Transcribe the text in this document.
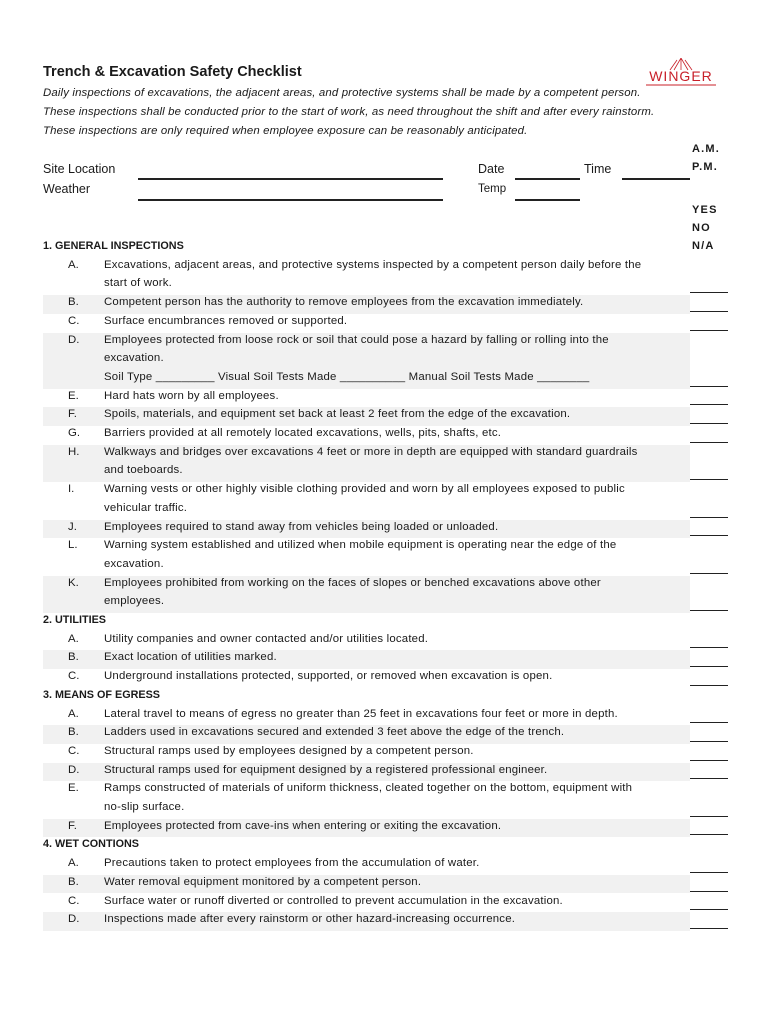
Trench & Excavation Safety Checklist
Daily inspections of excavations, the adjacent areas, and protective systems shall be made by a competent person.
These inspections shall be conducted prior to the start of work, as need throughout the shift and after every rainstorm.
These inspections are only required when employee exposure can be reasonably anticipated.
WINGER
Site Location
Weather
Date	Time
Temp
A.M.
P.M.
YES
NO
N/A
1. GENERAL INSPECTIONS
A. Excavations, adjacent areas, and protective systems inspected by a competent person daily before the
start of work.
B. Competent person has the authority to remove employees from the excavation immediately.
C. Surface encumbrances removed or supported.
D. Employees protected from loose rock or soil that could pose a hazard by falling or rolling into the
excavation.
Soil Type _________ Visual Soil Tests Made __________ Manual Soil Tests Made ________
E. Hard hats worn by all employees.
F. Spoils, materials, and equipment set back at least 2 feet from the edge of the excavation.
G. Barriers provided at all remotely located excavations, wells, pits, shafts, etc.
H. Walkways and bridges over excavations 4 feet or more in depth are equipped with standard guardrails
and toeboards.
I.	Warning vests or other highly visible clothing provided and worn by all employees exposed to public
vehicular traffic.
J. Employees required to stand away from vehicles being loaded or unloaded.
L. Warning system established and utilized when mobile equipment is operating near the edge of the
excavation.
K. Employees prohibited from working on the faces of slopes or benched excavations above other
employees.
2. UTILITIES
A. Utility companies and owner contacted and/or utilities located.
B. Exact location of utilities marked.
C. Underground installations protected, supported, or removed when excavation is open.
3. MEANS OF EGRESS
A. Lateral travel to means of egress no greater than 25 feet in excavations four feet or more in depth.
B. Ladders used in excavations secured and extended 3 feet above the edge of the trench.
C. Structural ramps used by employees designed by a competent person.
D. Structural ramps used for equipment designed by a registered professional engineer.
E. Ramps constructed of materials of uniform thickness, cleated together on the bottom, equipment with
no-slip surface.
F. Employees protected from cave-ins when entering or exiting the excavation.
4. WET CONTIONS
A. Precautions taken to protect employees from the accumulation of water.
B. Water removal equipment monitored by a competent person.
C. Surface water or runoff diverted or controlled to prevent accumulation in the excavation.
D. Inspections made after every rainstorm or other hazard-increasing occurrence.
